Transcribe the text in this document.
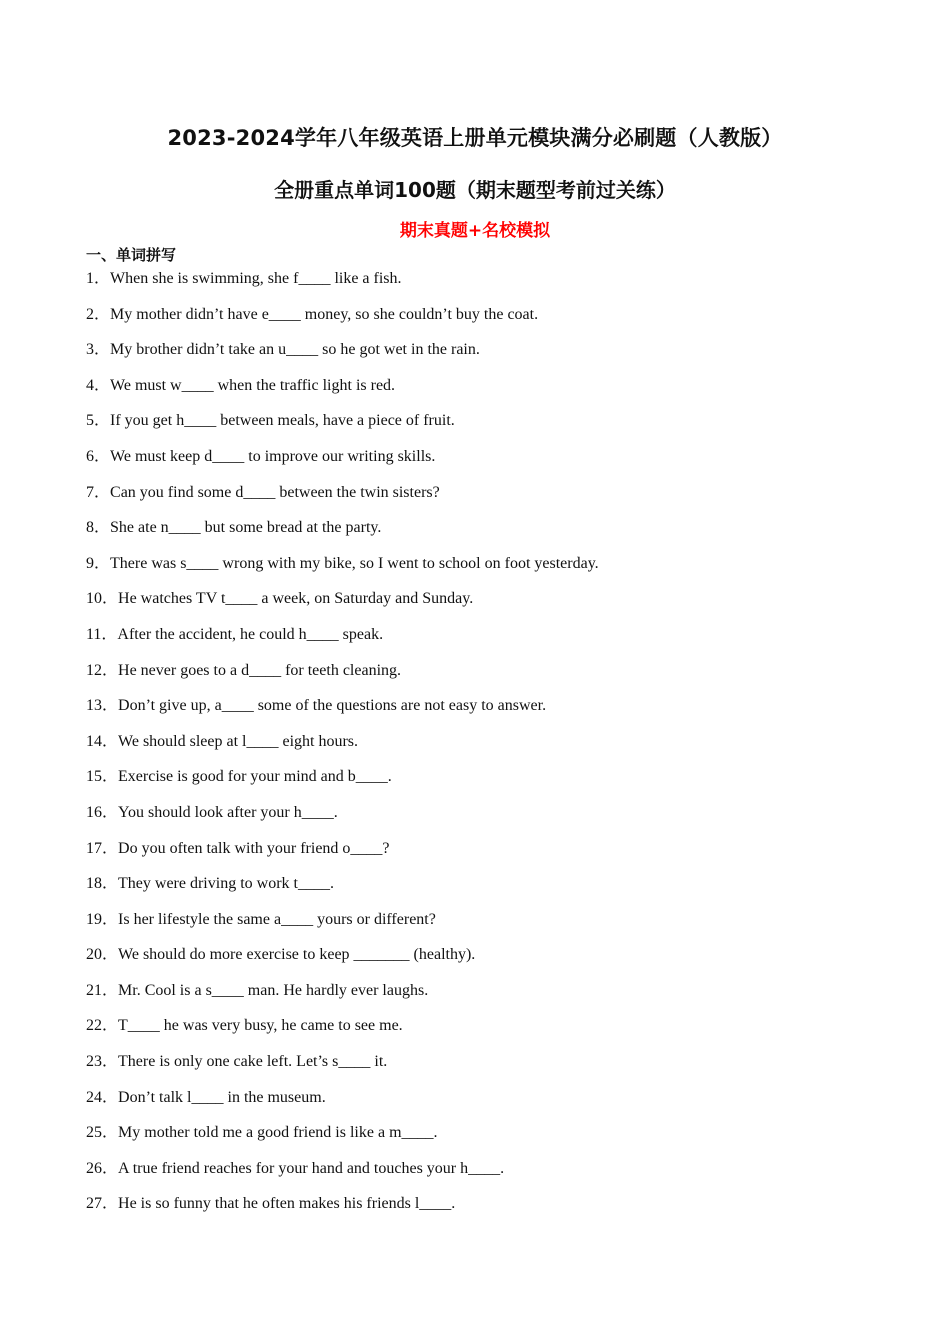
2023-2024学年八年级英语上册单元模块满分必刷题（人教版）
全册重点单词100题（期末题型考前过关练）
期末真题+名校模拟
一、单词拼写
1．When she is swimming, she f____ like a fish.
2．My mother didn’t have e____ money, so she couldn’t buy the coat.
3．My brother didn’t take an u____ so he got wet in the rain.
4．We must w____ when the traffic light is red.
5．If you get h____ between meals, have a piece of fruit.
6．We must keep d____ to improve our writing skills.
7．Can you find some d____ between the twin sisters?
8．She ate n____ but some bread at the party.
9．There was s____ wrong with my bike, so I went to school on foot yesterday.
10．He watches TV t____ a week, on Saturday and Sunday.
11．After the accident, he could h____ speak.
12．He never goes to a d____ for teeth cleaning.
13．Don’t give up, a____ some of the questions are not easy to answer.
14．We should sleep at l____ eight hours.
15．Exercise is good for your mind and b____.
16．You should look after your h____.
17．Do you often talk with your friend o____?
18．They were driving to work t____.
19．Is her lifestyle the same a____ yours or different?
20．We should do more exercise to keep _______ (healthy).
21．Mr. Cool is a s____ man. He hardly ever laughs.
22．T____ he was very busy, he came to see me.
23．There is only one cake left. Let’s s____ it.
24．Don’t talk l____ in the museum.
25．My mother told me a good friend is like a m____.
26．A true friend reaches for your hand and touches your h____.
27．He is so funny that he often makes his friends l____.
